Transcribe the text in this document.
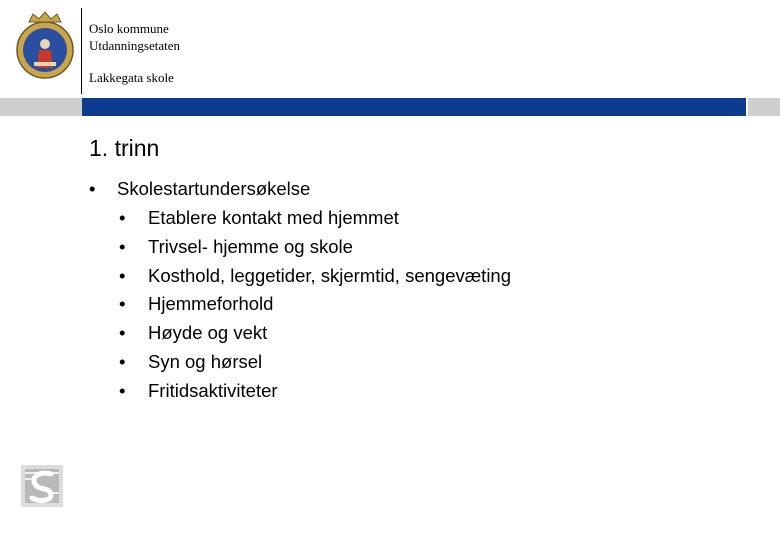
Oslo kommune
Utdanningsetaten
Lakkegata skole
1. trinn
• Skolestartundersøkelse
• Etablere kontakt med hjemmet
• Trivsel- hjemme og skole
• Kosthold, leggetider, skjermtid, sengevæting
• Hjemmeforhold
• Høyde og vekt
• Syn og hørsel
• Fritidsaktiviteter
